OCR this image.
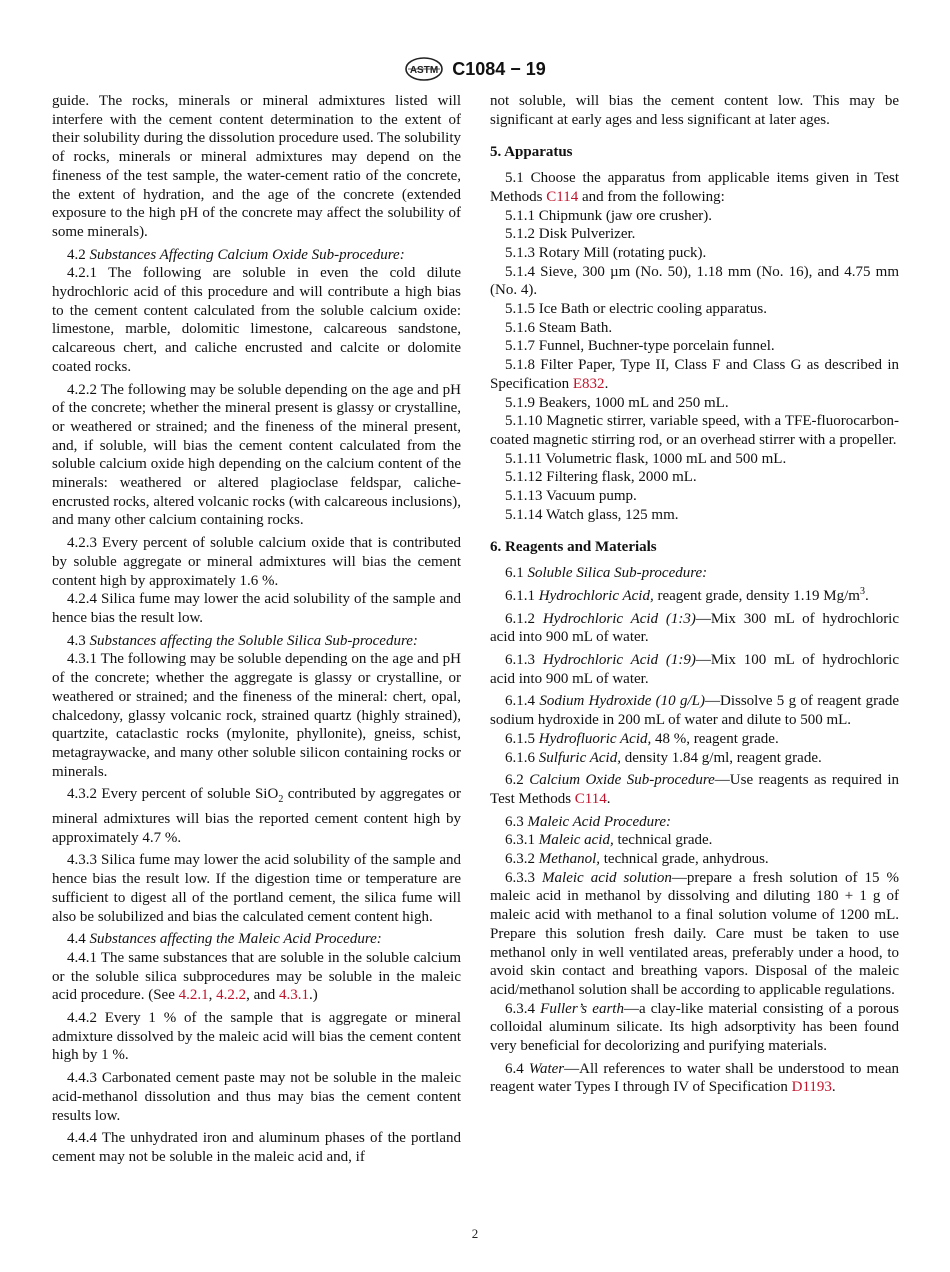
ASTM C1084 − 19

guide. The rocks, minerals or mineral admixtures listed will interfere with the cement content determination to the extent of their solubility during the dissolution procedure used. The solubility of rocks, minerals or mineral admixtures may depend on the fineness of the test sample, the water-cement ratio of the concrete, the extent of hydration, and the age of the concrete (extended exposure to the high pH of the concrete may affect the solubility of some minerals).

4.2 Substances Affecting Calcium Oxide Sub-procedure:

4.2.1 The following are soluble in even the cold dilute hydrochloric acid of this procedure and will contribute a high bias to the cement content calculated from the soluble calcium oxide: limestone, marble, dolomitic limestone, calcareous sandstone, calcareous chert, and caliche encrusted and calcite or dolomite coated rocks.

4.2.2 The following may be soluble depending on the age and pH of the concrete; whether the mineral present is glassy or crystalline, or weathered or strained; and the fineness of the mineral present, and, if soluble, will bias the cement content calculated from the soluble calcium oxide high depending on the calcium content of the minerals: weathered or altered plagioclase feldspar, caliche-encrusted rocks, altered volcanic rocks (with calcareous inclusions), and many other calcium containing rocks.

4.2.3 Every percent of soluble calcium oxide that is contributed by soluble aggregate or mineral admixtures will bias the cement content high by approximately 1.6 %.

4.2.4 Silica fume may lower the acid solubility of the sample and hence bias the result low.

4.3 Substances affecting the Soluble Silica Sub-procedure:

4.3.1 The following may be soluble depending on the age and pH of the concrete; whether the aggregate is glassy or crystalline, or weathered or strained; and the fineness of the mineral: chert, opal, chalcedony, glassy volcanic rock, strained quartz (highly strained), quartzite, cataclastic rocks (mylonite, phyllonite), gneiss, schist, metagraywacke, and many other soluble silicon containing rocks or minerals.

4.3.2 Every percent of soluble SiO$_2$ contributed by aggregates or mineral admixtures will bias the reported cement content high by approximately 4.7 %.

4.3.3 Silica fume may lower the acid solubility of the sample and hence bias the result low. If the digestion time or temperature are sufficient to digest all of the portland cement, the silica fume will also be solubilized and bias the calculated cement content high.

4.4 Substances affecting the Maleic Acid Procedure:

4.4.1 The same substances that are soluble in the soluble calcium or the soluble silica subprocedures may be soluble in the maleic acid procedure. (See 4.2.1, 4.2.2, and 4.3.1.)

4.4.2 Every 1 % of the sample that is aggregate or mineral admixture dissolved by the maleic acid will bias the cement content high by 1 %.

4.4.3 Carbonated cement paste may not be soluble in the maleic acid-methanol dissolution and thus may bias the cement content results low.

4.4.4 The unhydrated iron and aluminum phases of the portland cement may not be soluble in the maleic acid and, if

not soluble, will bias the cement content low. This may be significant at early ages and less significant at later ages.

5. Apparatus

5.1 Choose the apparatus from applicable items given in Test Methods C114 and from the following:

5.1.1 Chipmunk (jaw ore crusher).

5.1.2 Disk Pulverizer.

5.1.3 Rotary Mill (rotating puck).

5.1.4 Sieve, 300 µm (No. 50), 1.18 mm (No. 16), and 4.75 mm (No. 4).

5.1.5 Ice Bath or electric cooling apparatus.

5.1.6 Steam Bath.

5.1.7 Funnel, Buchner-type porcelain funnel.

5.1.8 Filter Paper, Type II, Class F and Class G as described in Specification E832.

5.1.9 Beakers, 1000 mL and 250 mL.

5.1.10 Magnetic stirrer, variable speed, with a TFE-fluorocarbon-coated magnetic stirring rod, or an overhead stirrer with a propeller.

5.1.11 Volumetric flask, 1000 mL and 500 mL.

5.1.12 Filtering flask, 2000 mL.

5.1.13 Vacuum pump.

5.1.14 Watch glass, 125 mm.

6. Reagents and Materials

6.1 Soluble Silica Sub-procedure:

6.1.1 Hydrochloric Acid, reagent grade, density 1.19 $Mg/m^3$.

6.1.2 Hydrochloric Acid (1:3)—Mix 300 mL of hydrochloric acid into 900 mL of water.

6.1.3 Hydrochloric Acid (1:9)—Mix 100 mL of hydrochloric acid into 900 mL of water.

6.1.4 Sodium Hydroxide (10 g/L)—Dissolve 5 g of reagent grade sodium hydroxide in 200 mL of water and dilute to 500 mL.

6.1.5 Hydrofluoric Acid, 48 %, reagent grade.

6.1.6 Sulfuric Acid, density 1.84 g/ml, reagent grade.

6.2 Calcium Oxide Sub-procedure—Use reagents as required in Test Methods C114.

6.3 Maleic Acid Procedure:

6.3.1 Maleic acid, technical grade.

6.3.2 Methanol, technical grade, anhydrous.

6.3.3 Maleic acid solution—prepare a fresh solution of 15 % maleic acid in methanol by dissolving and diluting 180 + 1 g of maleic acid with methanol to a final solution volume of 1200 mL. Prepare this solution fresh daily. Care must be taken to use methanol only in well ventilated areas, preferably under a hood, to avoid skin contact and breathing vapors. Disposal of the maleic acid/methanol solution shall be according to applicable regulations.

6.3.4 Fuller’s earth—a clay-like material consisting of a porous colloidal aluminum silicate. Its high adsorptivity has been found very beneficial for decolorizing and purifying materials.

6.4 Water—All references to water shall be understood to mean reagent water Types I through IV of Specification D1193.

2
